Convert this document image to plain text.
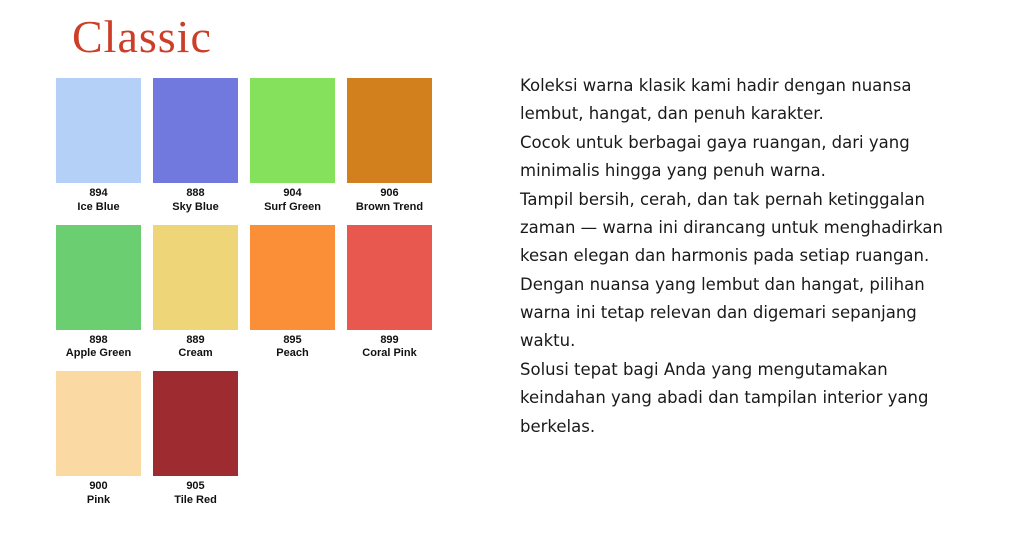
Classic
894
Ice Blue
888
Sky Blue
904
Surf Green
906
Brown Trend
898
Apple Green
889
Cream
895
Peach
899
Coral Pink
900
Pink
905
Tile Red

Koleksi warna klasik kami hadir dengan nuansa lembut, hangat, dan penuh karakter.

Cocok untuk berbagai gaya ruangan, dari yang minimalis hingga yang penuh warna.

Tampil bersih, cerah, dan tak pernah ketinggalan zaman — warna ini dirancang untuk menghadirkan kesan elegan dan harmonis pada setiap ruangan.

Dengan nuansa yang lembut dan hangat, pilihan warna ini tetap relevan dan digemari sepanjang waktu.

Solusi tepat bagi Anda yang mengutamakan keindahan yang abadi dan tampilan interior yang berkelas.
